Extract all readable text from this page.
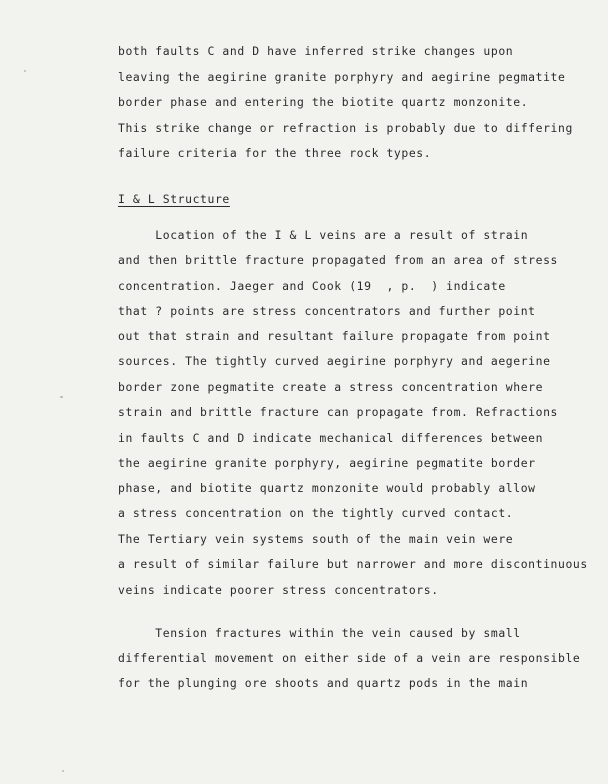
both faults C and D have inferred strike changes upon
leaving the aegirine granite porphyry and aegirine pegmatite
border phase and entering the biotite quartz monzonite.
This strike change or refraction is probably due to differing
failure criteria for the three rock types.
I & L Structure
Location of the I & L veins are a result of strain
and then brittle fracture propagated from an area of stress
concentration. Jaeger and Cook (19  , p.  ) indicate
that ? points are stress concentrators and further point
out that strain and resultant failure propagate from point
sources. The tightly curved aegirine porphyry and aegerine
border zone pegmatite create a stress concentration where
strain and brittle fracture can propagate from. Refractions
in faults C and D indicate mechanical differences between
the aegirine granite porphyry, aegirine pegmatite border
phase, and biotite quartz monzonite would probably allow
a stress concentration on the tightly curved contact.
The Tertiary vein systems south of the main vein were
a result of similar failure but narrower and more discontinuous
veins indicate poorer stress concentrators.
Tension fractures within the vein caused by small
differential movement on either side of a vein are responsible
for the plunging ore shoots and quartz pods in the main
